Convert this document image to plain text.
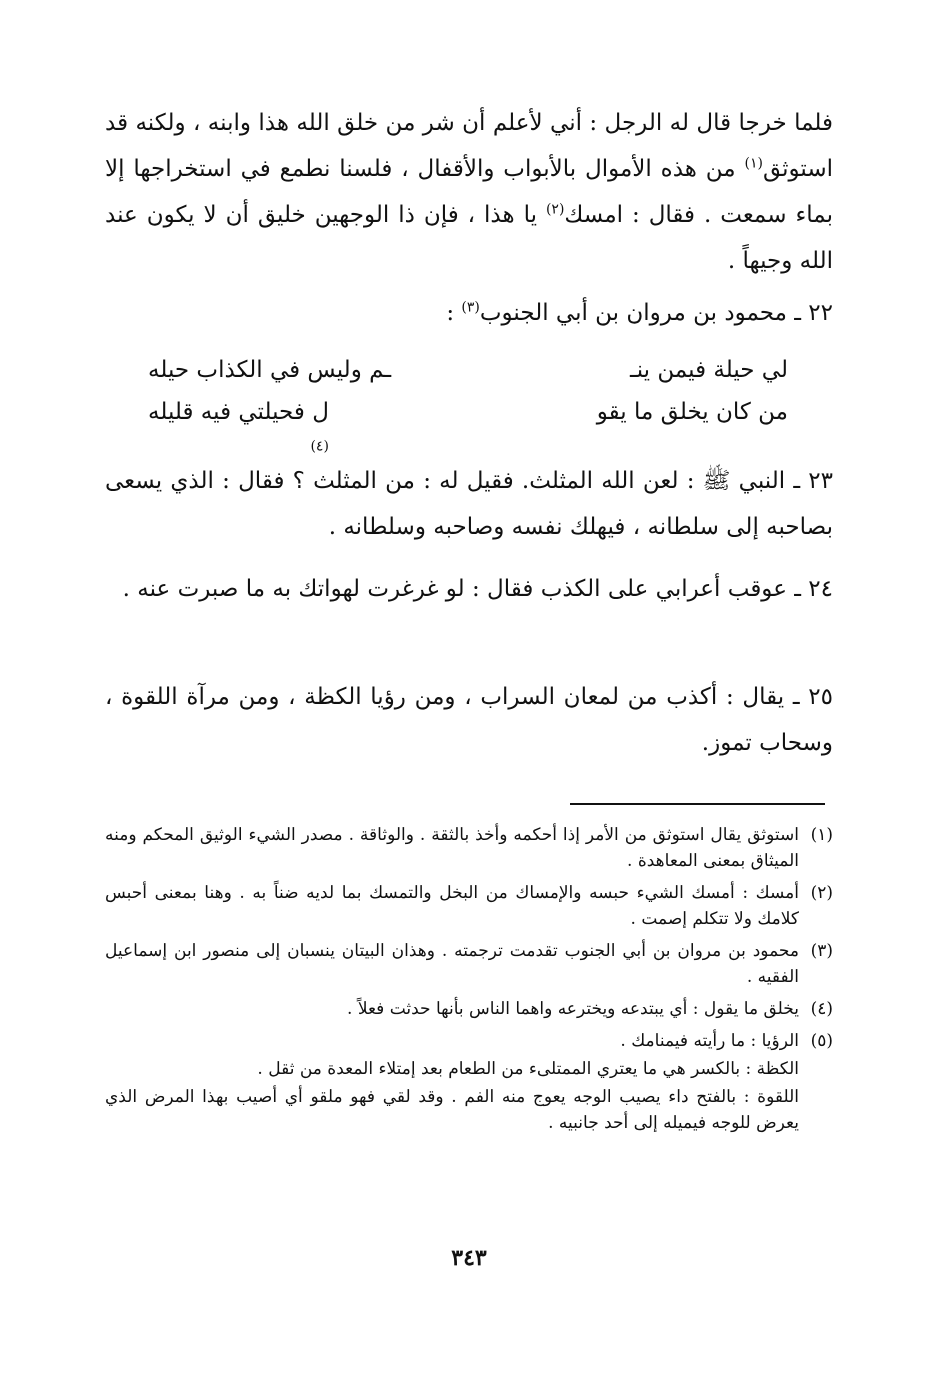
فلما خرجا قال له الرجل : أني لأعلم أن شر من خلق الله هذا وابنه ، ولكنه قد استوثق$^{(١)}$ من هذه الأموال بالأبواب والأقفال ، فلسنا نطمع في استخراجها إلا بماء سمعت . فقال : امسك$^{(٢)}$ يا هذا ، فإن ذا الوجهين خليق أن لا يكون عند الله وجيهاً .

٢٢ ـ محمود بن مروان بن أبي الجنوب$^{(٣)}$ :

لي حيلة فيمن ينـ
ـم وليس في الكذاب حيله
من كان يخلق ما يقو
ل فحيلتي فيه قليله
$^{(٤)}$

٢٣ ـ النبي ﷺ : لعن الله المثلث. فقيل له : من المثلث ؟ فقال : الذي يسعى بصاحبه إلى سلطانه ، فيهلك نفسه وصاحبه وسلطانه .

٢٤ ـ عوقب أعرابي على الكذب فقال : لو غرغرت لهواتك به ما صبرت عنه .

٢٥ ـ يقال : أكذب من لمعان السراب ، ومن رؤيا الكظة ، ومن مرآة اللقوة ، وسحاب تموز.

(١)
استوثق يقال استوثق من الأمر إذا أحكمه وأخذ بالثقة . والوثاقة . مصدر الشيء الوثيق المحكم ومنه الميثاق بمعنى المعاهدة .
(٢)
أمسك : أمسك الشيء حبسه والإمساك من البخل والتمسك بما لديه ضناً به . وهنا بمعنى أحبس كلامك ولا تتكلم إصمت .
(٣)
محمود بن مروان بن أبي الجنوب تقدمت ترجمته . وهذان البيتان ينسبان إلى منصور ابن إسماعيل الفقيه .
(٤)
يخلق ما يقول : أي يبتدعه ويخترعه واهما الناس بأنها حدثت فعلاً .
(٥)
الرؤيا : ما رأيته فيمنامك .
الكظة : بالكسر هي ما يعتري الممتلىء من الطعام بعد إمتلاء المعدة من ثقل .
اللقوة : بالفتح داء يصيب الوجه يعوج منه الفم . وقد لقي فهو ملقو أي أصيب بهذا المرض الذي يعرض للوجه فيميله إلى أحد جانبيه .
٣٤٣
